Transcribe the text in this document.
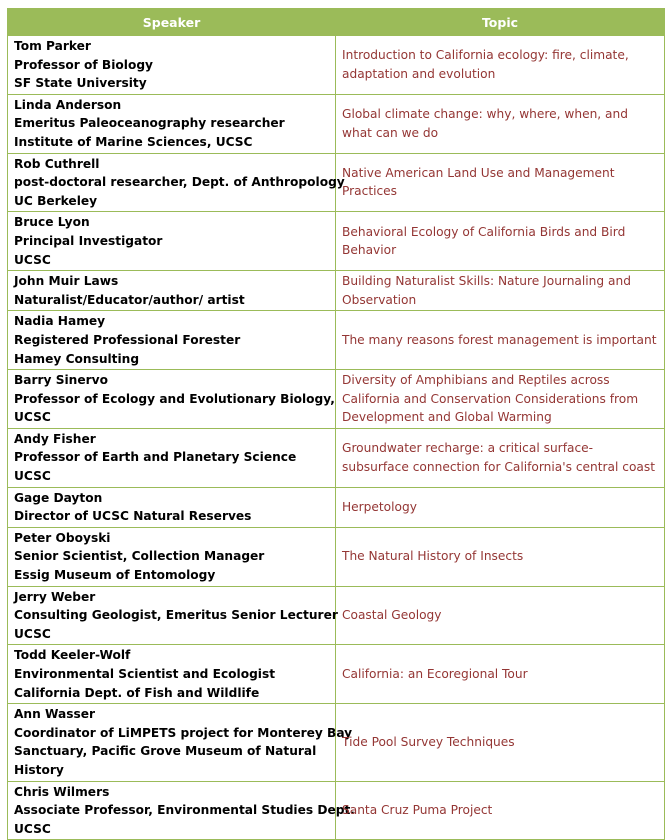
Speaker	Topic

Tom Parker
Professor of Biology
SF State University	Introduction to California ecology: fire, climate, adaptation and evolution

Linda Anderson
Emeritus Paleoceanography researcher
Institute of Marine Sciences, UCSC	Global climate change: why, where, when, and what can we do

Rob Cuthrell
post-doctoral researcher, Dept. of Anthropology
UC Berkeley	Native American Land Use and Management Practices

Bruce Lyon
Principal Investigator
UCSC	Behavioral Ecology of California Birds and Bird Behavior

John Muir Laws
Naturalist/Educator/author/ artist	Building Naturalist Skills: Nature Journaling and Observation

Nadia Hamey
Registered Professional Forester
Hamey Consulting	The many reasons forest management is important

Barry Sinervo
Professor of Ecology and Evolutionary Biology,
UCSC	Diversity of Amphibians and Reptiles across California and Conservation Considerations from Development and Global Warming

Andy Fisher
Professor of Earth and Planetary Science
UCSC	Groundwater recharge: a critical surface-subsurface connection for California's central coast

Gage Dayton
Director of UCSC Natural Reserves	Herpetology

Peter Oboyski
Senior Scientist, Collection Manager
Essig Museum of Entomology	The Natural History of Insects

Jerry Weber
Consulting Geologist, Emeritus Senior Lecturer
UCSC	Coastal Geology

Todd Keeler-Wolf
Environmental Scientist and Ecologist
California Dept. of Fish and Wildlife	California: an Ecoregional Tour

Ann Wasser
Coordinator of LiMPETS project for Monterey Bay
Sanctuary, Pacific Grove Museum of Natural
History	Tide Pool Survey Techniques

Chris Wilmers
Associate Professor, Environmental Studies Dept.
UCSC	Santa Cruz Puma Project
